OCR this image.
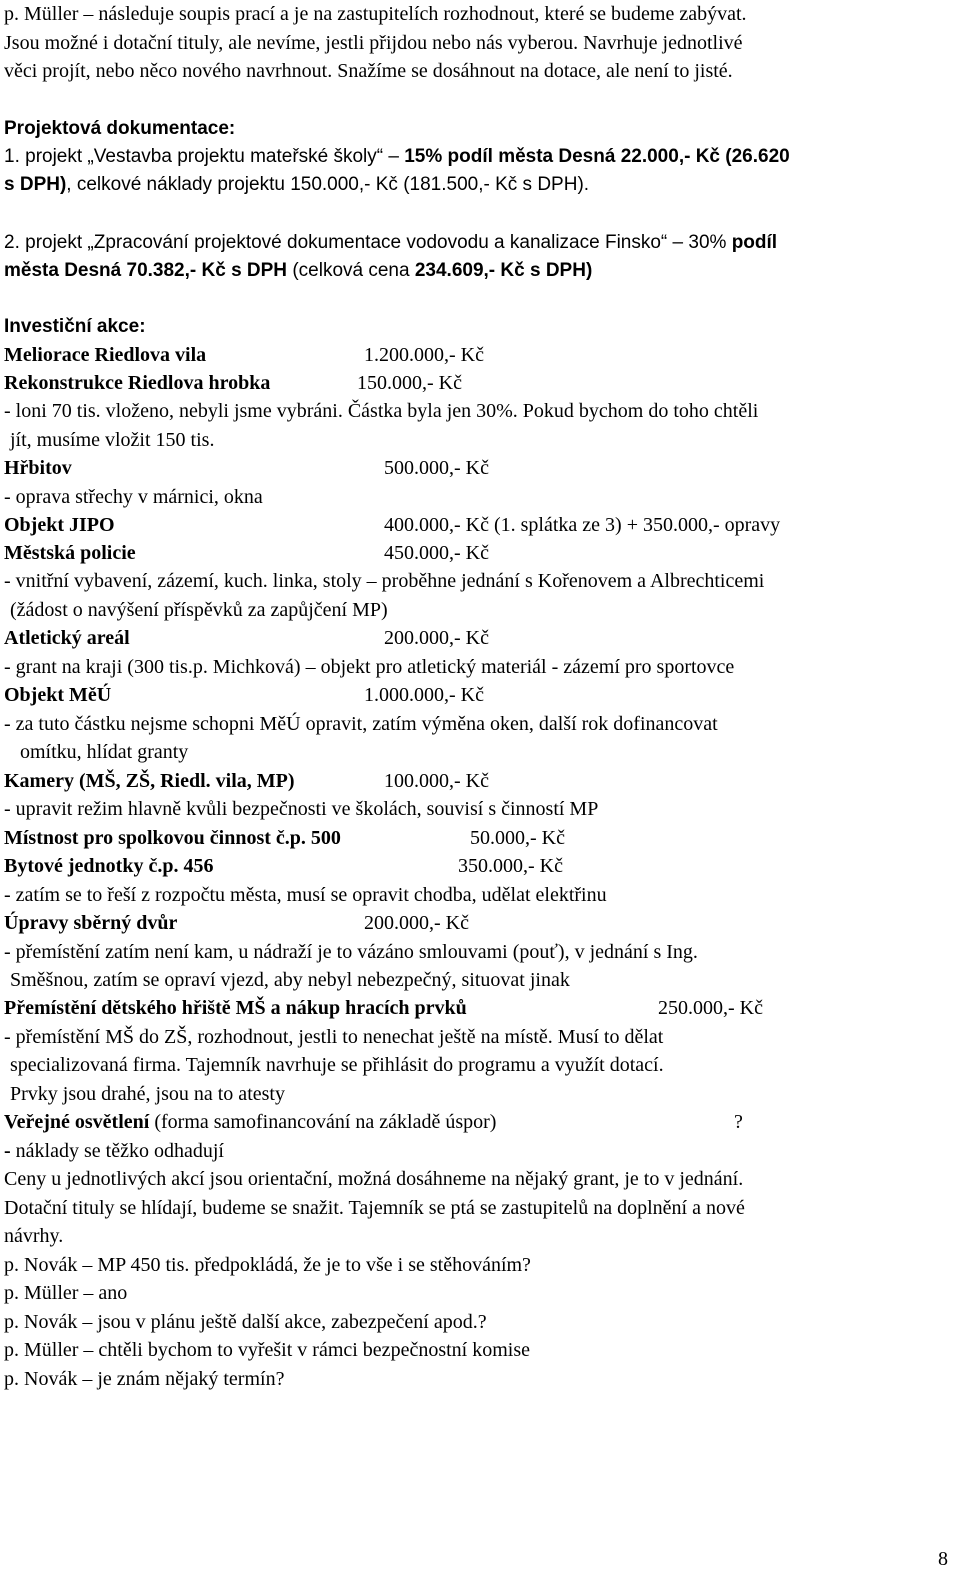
p. Müller – následuje soupis prací a je na zastupitelích rozhodnout, které se budeme zabývat.
Jsou možné i dotační tituly, ale nevíme, jestli přijdou nebo nás vyberou. Navrhuje jednotlivé
věci projít, nebo něco nového navrhnout. Snažíme se dosáhnout na dotace, ale není to jisté.
Projektová dokumentace:
1. projekt „Vestavba projektu mateřské školy“ – 15% podíl města Desná 22.000,- Kč (26.620
s DPH), celkové náklady projektu 150.000,- Kč (181.500,- Kč s DPH).
2. projekt „Zpracování projektové dokumentace vodovodu a kanalizace Finsko“ – 30% podíl
města Desná 70.382,- Kč s DPH (celková cena 234.609,- Kč s DPH)
Investiční akce:
Meliorace Riedlova vila	1.200.000,- Kč
Rekonstrukce Riedlova hrobka	150.000,- Kč
- loni 70 tis. vloženo, nebyli jsme vybráni. Částka byla jen 30%. Pokud bychom do toho chtěli
jít, musíme vložit 150 tis.
Hřbitov	500.000,- Kč
- oprava střechy v márnici, okna
Objekt JIPO	400.000,- Kč (1. splátka ze 3) + 350.000,- opravy
Městská policie	450.000,- Kč
- vnitřní vybavení, zázemí, kuch. linka, stoly – proběhne jednání s Kořenovem a Albrechticemi
(žádost o navýšení příspěvků za zapůjčení MP)
Atletický areál	200.000,- Kč
- grant na kraji (300 tis.p. Michková) – objekt pro atletický materiál - zázemí pro sportovce
Objekt MěÚ	1.000.000,- Kč
- za tuto částku nejsme schopni MěÚ opravit, zatím výměna oken, další rok dofinancovat
omítku, hlídat granty
Kamery (MŠ, ZŠ, Riedl. vila, MP)	100.000,- Kč
- upravit režim hlavně kvůli bezpečnosti ve školách, souvisí s činností MP
Místnost pro spolkovou činnost č.p. 500	50.000,- Kč
Bytové jednotky č.p. 456	350.000,- Kč
- zatím se to řeší z rozpočtu města, musí se opravit chodba, udělat elektřinu
Úpravy sběrný dvůr	200.000,- Kč
- přemístění zatím není kam, u nádraží je to vázáno smlouvami (pouť), v jednání s Ing.
Směšnou, zatím se opraví vjezd, aby nebyl nebezpečný, situovat jinak
Přemístění dětského hřiště MŠ a nákup hracích prvků	250.000,- Kč
- přemístění MŠ do ZŠ, rozhodnout, jestli to nenechat ještě na místě. Musí to dělat
specializovaná firma. Tajemník navrhuje se přihlásit do programu a využít dotací.
Prvky jsou drahé, jsou na to atesty
Veřejné osvětlení (forma samofinancování na základě úspor)	?
- náklady se těžko odhadují
Ceny u jednotlivých akcí jsou orientační, možná dosáhneme na nějaký grant, je to v jednání.
Dotační tituly se hlídají, budeme se snažit. Tajemník se ptá se zastupitelů na doplnění a nové
návrhy.
p. Novák – MP 450 tis. předpokládá, že je to vše i se stěhováním?
p. Müller – ano
p. Novák – jsou v plánu ještě další akce, zabezpečení apod.?
p. Müller – chtěli bychom to vyřešit v rámci bezpečnostní komise
p. Novák – je znám nějaký termín?
8
